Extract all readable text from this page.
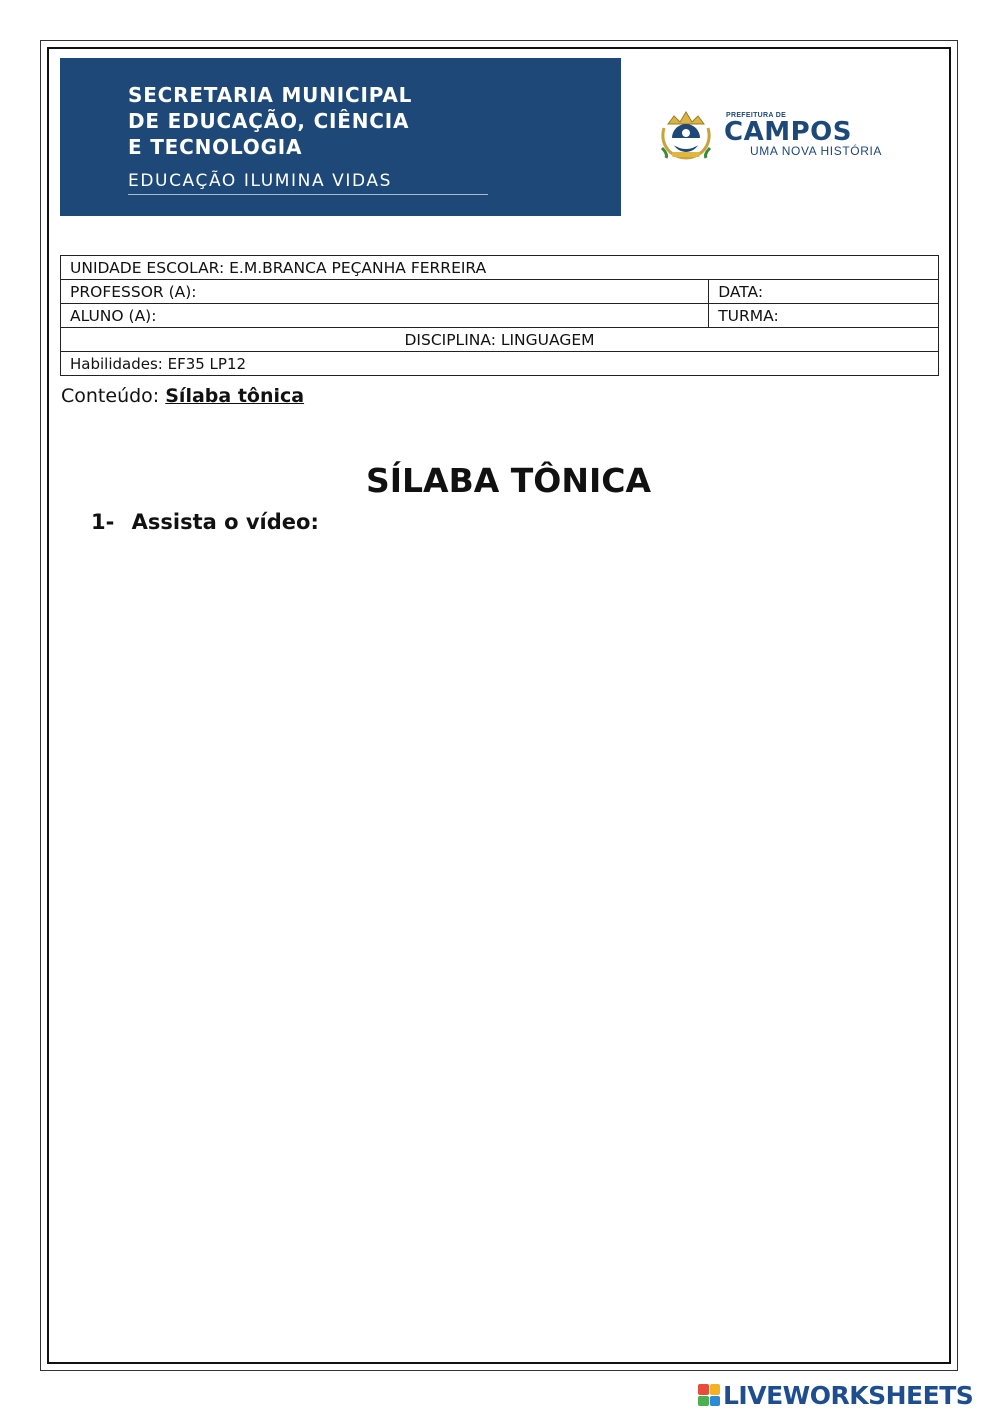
SECRETARIA MUNICIPAL
DE EDUCAÇÃO, CIÊNCIA
E TECNOLOGIA
EDUCAÇÃO ILUMINA VIDAS
PREFEITURA DE
CAMPOS
UMA NOVA HISTÓRIA
UNIDADE ESCOLAR: E.M.BRANCA PEÇANHA FERREIRA	
PROFESSOR (A):	DATA:
ALUNO (A):	TURMA:
DISCIPLINA: LINGUAGEM	
Habilidades: EF35 LP12	
Conteúdo: Sílaba tônica
SÍLABA TÔNICA
1- Assista o vídeo:
LIVEWORKSHEETS
